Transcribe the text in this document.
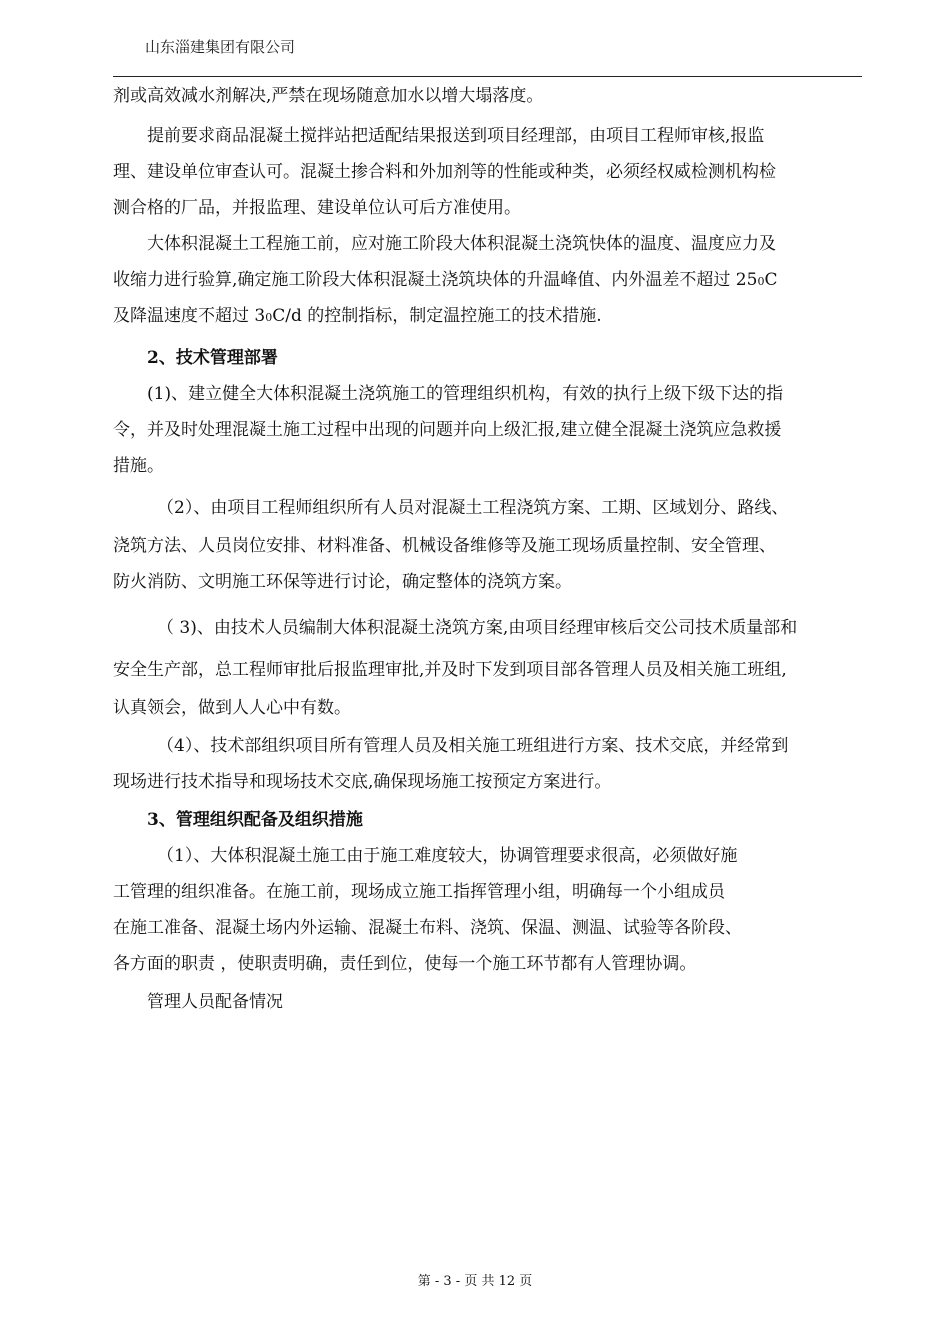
山东淄建集团有限公司
剂或高效减水剂解决,严禁在现场随意加水以增大塌落度。
提前要求商品混凝土搅拌站把适配结果报送到项目经理部，由项目工程师审核,报监
理、建设单位审查认可。混凝土掺合料和外加剂等的性能或种类，必须经权威检测机构检
测合格的厂品，并报监理、建设单位认可后方准使用。
大体积混凝土工程施工前，应对施工阶段大体积混凝土浇筑快体的温度、温度应力及
收缩力进行验算,确定施工阶段大体积混凝土浇筑块体的升温峰值、内外温差不超过 250C
及降温速度不超过 30C/d 的控制指标，制定温控施工的技术措施.
2、技术管理部署
(1)、建立健全大体积混凝土浇筑施工的管理组织机构，有效的执行上级下级下达的指
令，并及时处理混凝土施工过程中出现的问题并向上级汇报,建立健全混凝土浇筑应急救援
措施。
（2）、由项目工程师组织所有人员对混凝土工程浇筑方案、工期、区域划分、路线、
浇筑方法、人员岗位安排、材料准备、机械设备维修等及施工现场质量控制、安全管理、
防火消防、文明施工环保等进行讨论，确定整体的浇筑方案。
（ 3)、由技术人员编制大体积混凝土浇筑方案,由项目经理审核后交公司技术质量部和
安全生产部，总工程师审批后报监理审批,并及时下发到项目部各管理人员及相关施工班组,
认真领会，做到人人心中有数。
（4）、技术部组织项目所有管理人员及相关施工班组进行方案、技术交底，并经常到
现场进行技术指导和现场技术交底,确保现场施工按预定方案进行。
3、管理组织配备及组织措施
（1）、大体积混凝土施工由于施工难度较大，协调管理要求很高，必须做好施
工管理的组织准备。在施工前，现场成立施工指挥管理小组，明确每一个小组成员
在施工准备、混凝土场内外运输、混凝土布料、浇筑、保温、测温、试验等各阶段、
各方面的职责 ，使职责明确，责任到位，使每一个施工环节都有人管理协调。
管理人员配备情况
第 - 3 - 页 共 12 页
